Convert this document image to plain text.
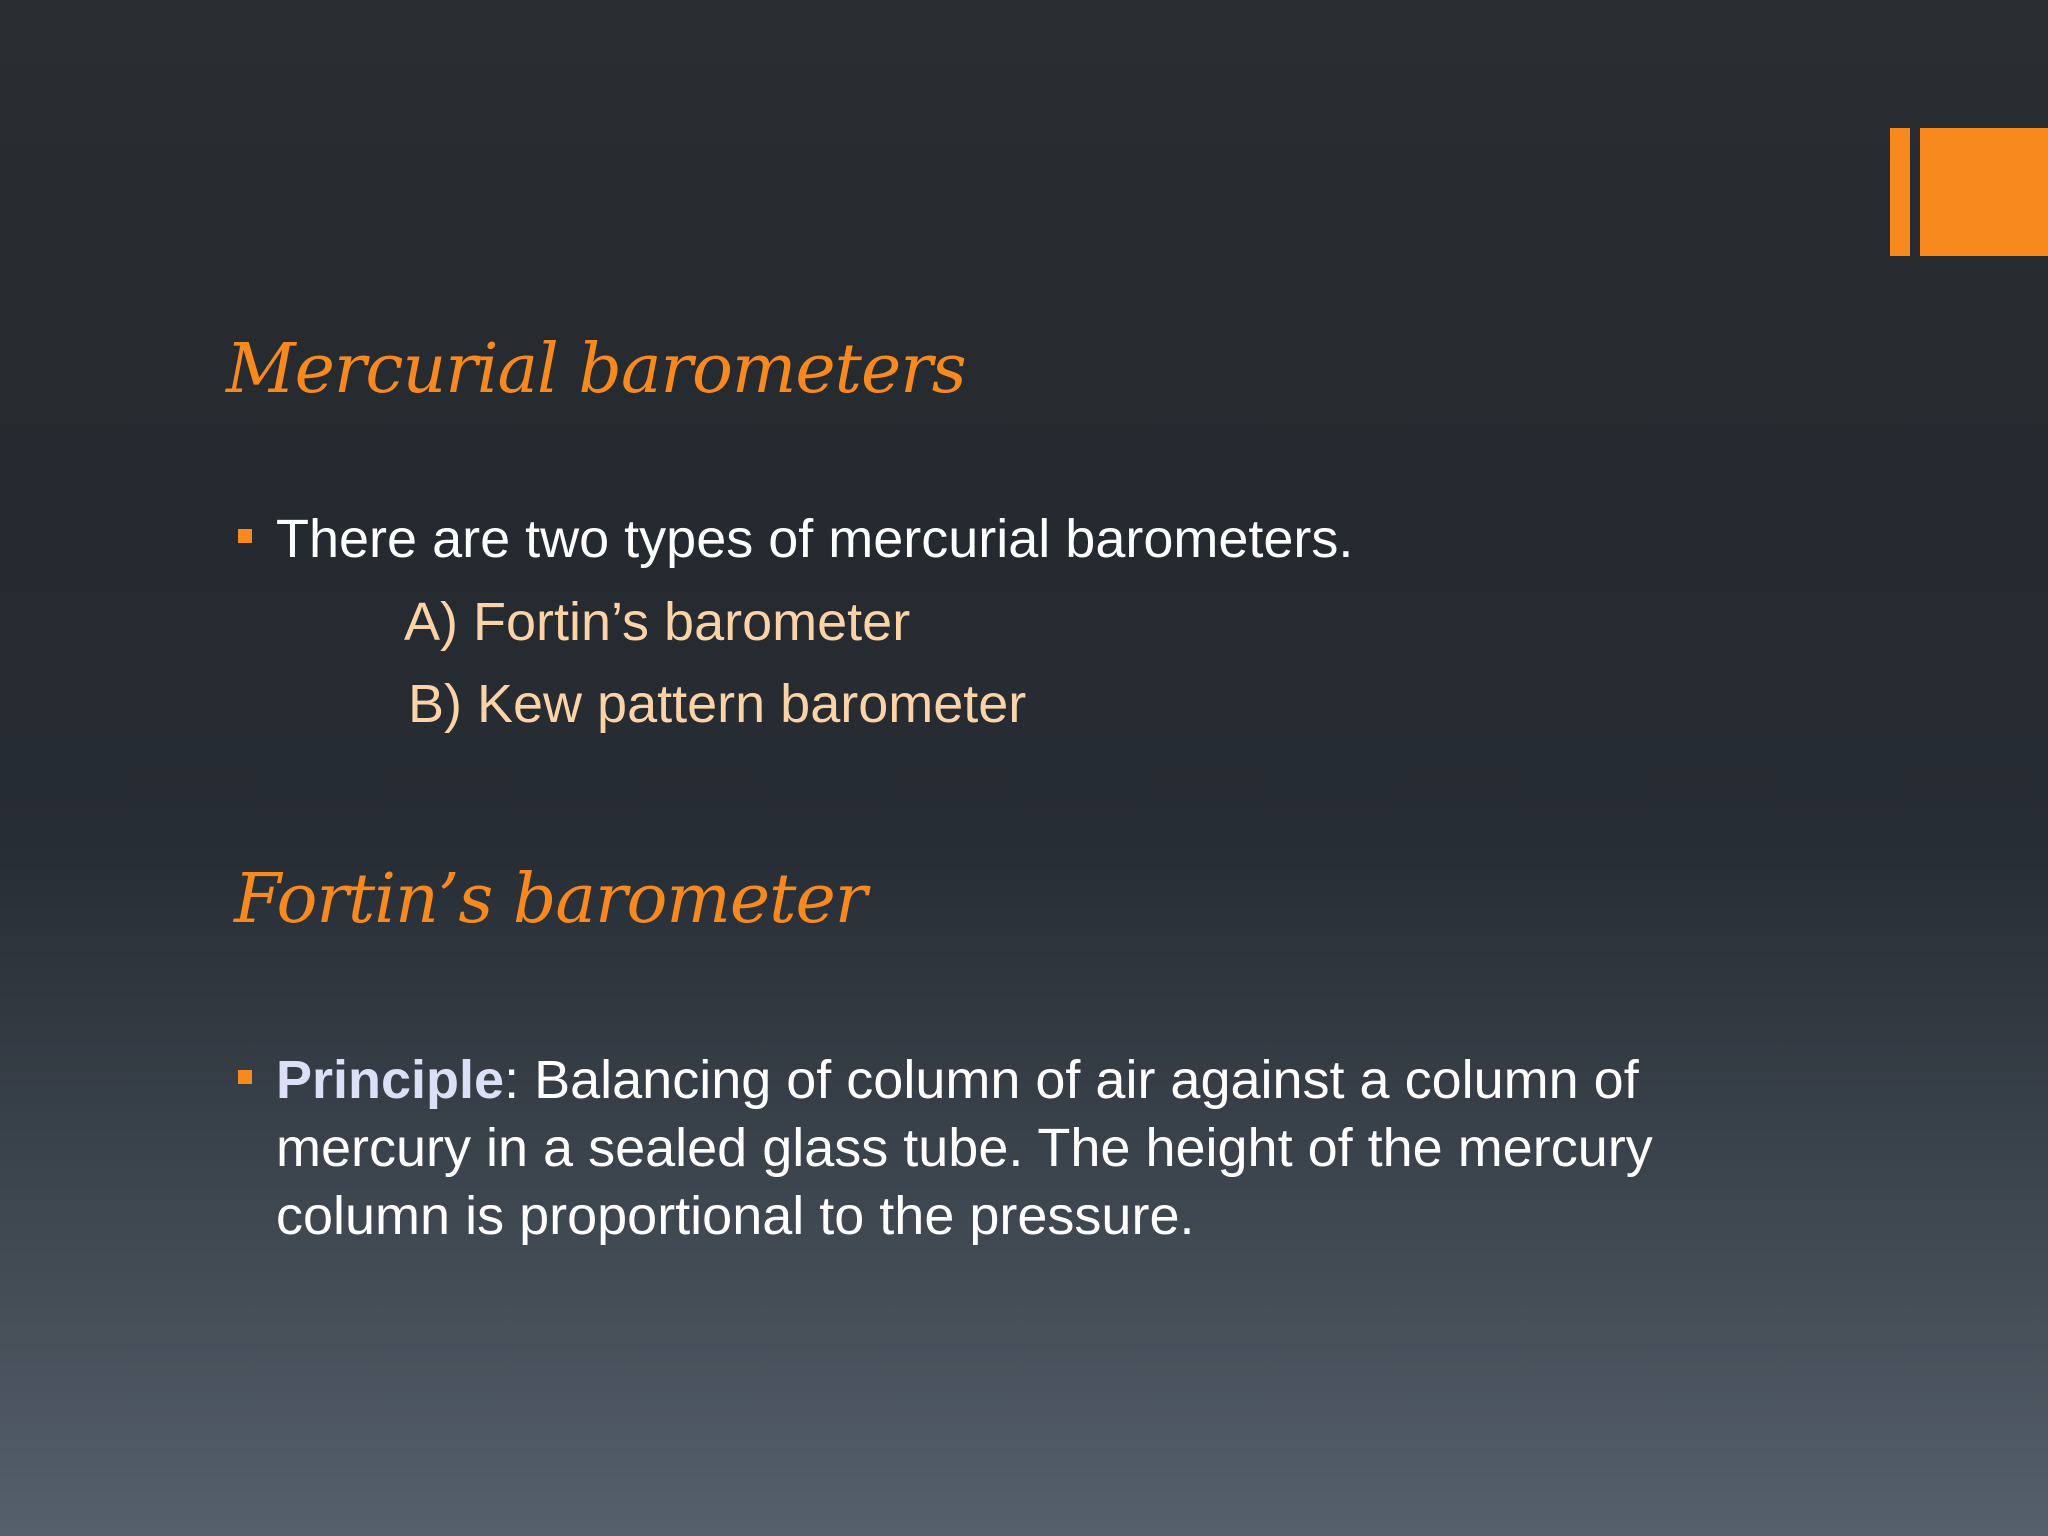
Mercurial barometers
There are two types of mercurial barometers.
A) Fortin’s barometer
B) Kew pattern barometer
Fortin’s barometer
Principle: Balancing of column of air against a column of mercury in a sealed glass tube. The height of the mercury column is proportional to the pressure.
